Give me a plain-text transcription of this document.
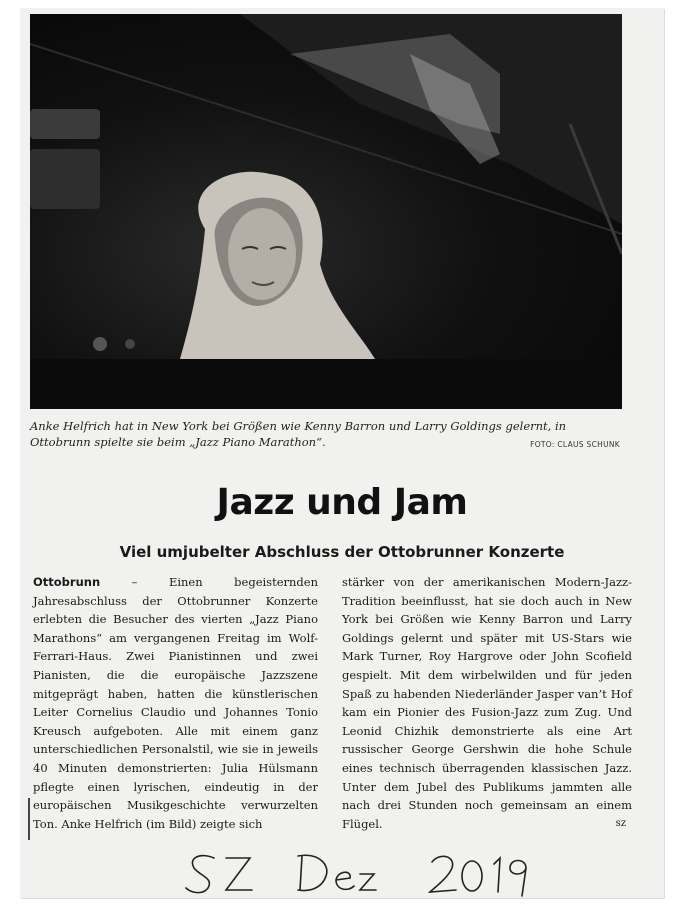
Anke Helfrich hat in New York bei Größen wie Kenny Barron und Larry Goldings gelernt, in Ottobrunn spielte sie beim „Jazz Piano Marathon“.	FOTO: CLAUS SCHUNK
Jazz und Jam
Viel umjubelter Abschluss der Ottobrunner Konzerte

Ottobrunn – Einen begeisternden Jahresabschluss der Ottobrunner Konzerte erlebten die Besucher des vierten „Jazz Piano Marathons“ am vergangenen Freitag im Wolf-Ferrari-Haus. Zwei Pianistinnen und zwei Pianisten, die die europäische Jazzszene mitgeprägt haben, hatten die künstlerischen Leiter Cornelius Claudio und Johannes Tonio Kreusch aufgeboten. Alle mit einem ganz unterschiedlichen Personalstil, wie sie in jeweils 40 Minuten demonstrierten: Julia Hülsmann pflegte einen lyrischen, eindeutig in der europäischen Musikgeschichte verwurzelten Ton. Anke Helfrich (im Bild) zeigte sich

stärker von der amerikanischen Modern-Jazz-Tradition beeinflusst, hat sie doch auch in New York bei Größen wie Kenny Barron und Larry Goldings gelernt und später mit US-Stars wie Mark Turner, Roy Hargrove oder John Scofield gespielt. Mit dem wirbelwilden und für jeden Spaß zu habenden Niederländer Jasper van’t Hof kam ein Pionier des Fusion-Jazz zum Zug. Und Leonid Chizhik demonstrierte als eine Art russischer George Gershwin die hohe Schule eines technisch überragenden klassischen Jazz. Unter dem Jubel des Publikums jammten alle nach drei Stunden noch gemeinsam an einem Flügel.	sz
